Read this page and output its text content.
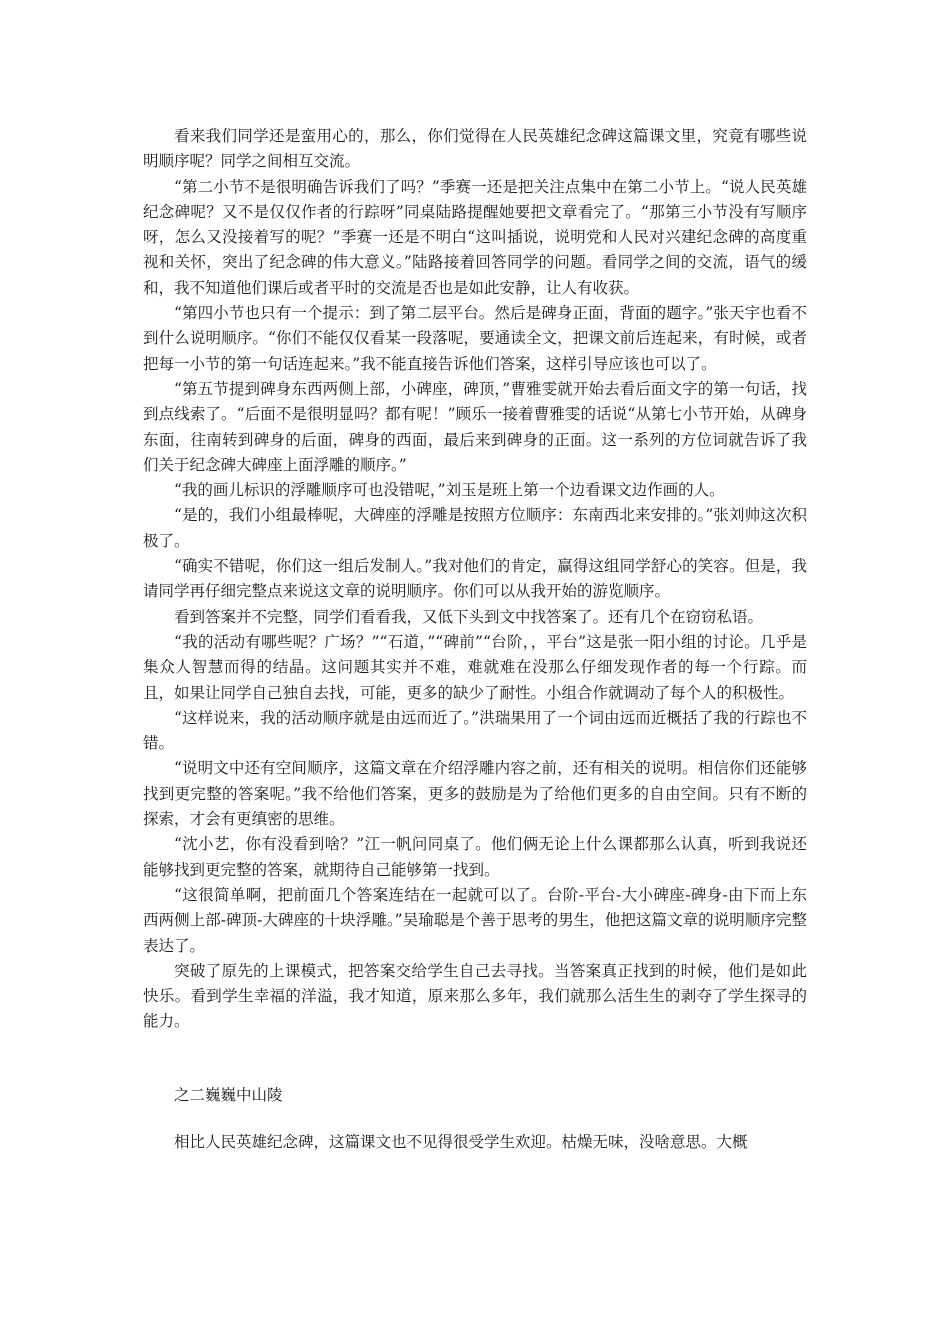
看来我们同学还是蛮用心的，那么，你们觉得在人民英雄纪念碑这篇课文里，究竟有哪些说明顺序呢？同学之间相互交流。

“第二小节不是很明确告诉我们了吗？”季赛一还是把关注点集中在第二小节上。“说人民英雄纪念碑呢？又不是仅仅作者的行踪呀”同桌陆路提醒她要把文章看完了。“那第三小节没有写顺序呀，怎么又没接着写的呢？”季赛一还是不明白“这叫插说，说明党和人民对兴建纪念碑的高度重视和关怀，突出了纪念碑的伟大意义。”陆路接着回答同学的问题。看同学之间的交流，语气的缓和，我不知道他们课后或者平时的交流是否也是如此安静，让人有收获。

“第四小节也只有一个提示：到了第二层平台。然后是碑身正面，背面的题字。”张天宇也看不到什么说明顺序。“你们不能仅仅看某一段落呢，要通读全文，把课文前后连起来，有时候，或者把每一小节的第一句话连起来。”我不能直接告诉他们答案，这样引导应该也可以了。

“第五节提到碑身东西两侧上部，小碑座，碑顶，”曹雅雯就开始去看后面文字的第一句话，找到点线索了。“后面不是很明显吗？都有呢！”顾乐一接着曹雅雯的话说“从第七小节开始，从碑身东面，往南转到碑身的后面，碑身的西面，最后来到碑身的正面。这一系列的方位词就告诉了我们关于纪念碑大碑座上面浮雕的顺序。”

“我的画儿标识的浮雕顺序可也没错呢，”刘玉是班上第一个边看课文边作画的人。

“是的，我们小组最棒呢，大碑座的浮雕是按照方位顺序：东南西北来安排的。”张刘帅这次积极了。

“确实不错呢，你们这一组后发制人。”我对他们的肯定，赢得这组同学舒心的笑容。但是，我请同学再仔细完整点来说这文章的说明顺序。你们可以从我开始的游览顺序。

看到答案并不完整，同学们看看我，又低下头到文中找答案了。还有几个在窃窃私语。

“我的活动有哪些呢？广场？”“石道，”“碑前”“台阶，，平台”这是张一阳小组的讨论。几乎是集众人智慧而得的结晶。这问题其实并不难，难就难在没那么仔细发现作者的每一个行踪。而且，如果让同学自己独自去找，可能，更多的缺少了耐性。小组合作就调动了每个人的积极性。

“这样说来，我的活动顺序就是由远而近了。”洪瑞果用了一个词由远而近概括了我的行踪也不错。

“说明文中还有空间顺序，这篇文章在介绍浮雕内容之前，还有相关的说明。相信你们还能够找到更完整的答案呢。”我不给他们答案，更多的鼓励是为了给他们更多的自由空间。只有不断的探索，才会有更缜密的思维。

“沈小艺，你有没看到啥？”江一帆问同桌了。他们俩无论上什么课都那么认真，听到我说还能够找到更完整的答案，就期待自己能够第一找到。

“这很简单啊，把前面几个答案连结在一起就可以了。台阶-平台-大小碑座-碑身-由下而上东西两侧上部-碑顶-大碑座的十块浮雕。”吴瑜聪是个善于思考的男生，他把这篇文章的说明顺序完整表达了。

突破了原先的上课模式，把答案交给学生自己去寻找。当答案真正找到的时候，他们是如此快乐。看到学生幸福的洋溢，我才知道，原来那么多年，我们就那么活生生的剥夺了学生探寻的能力。

之二巍巍中山陵

相比人民英雄纪念碑，这篇课文也不见得很受学生欢迎。枯燥无味，没啥意思。大概
